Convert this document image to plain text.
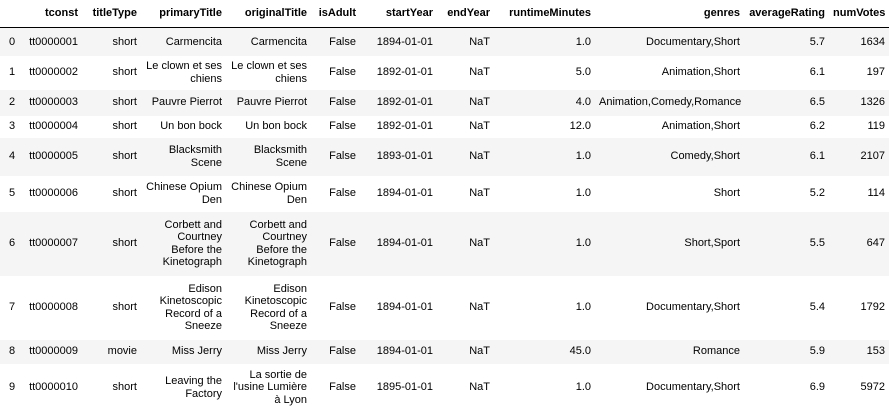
	tconst	titleType	primaryTitle	originalTitle	isAdult	startYear	endYear	runtimeMinutes	genres	averageRating	numVotes
0	tt0000001	short	Carmencita	Carmencita	False	1894-01-01	NaT	1.0	Documentary,Short	5.7	1634
1	tt0000002	short	Le clown et ses chiens	Le clown et ses chiens	False	1892-01-01	NaT	5.0	Animation,Short	6.1	197
2	tt0000003	short	Pauvre Pierrot	Pauvre Pierrot	False	1892-01-01	NaT	4.0	Animation,Comedy,Romance	6.5	1326
3	tt0000004	short	Un bon bock	Un bon bock	False	1892-01-01	NaT	12.0	Animation,Short	6.2	119
4	tt0000005	short	Blacksmith Scene	Blacksmith Scene	False	1893-01-01	NaT	1.0	Comedy,Short	6.1	2107
5	tt0000006	short	Chinese Opium Den	Chinese Opium Den	False	1894-01-01	NaT	1.0	Short	5.2	114
6	tt0000007	short	Corbett and Courtney Before the Kinetograph	Corbett and Courtney Before the Kinetograph	False	1894-01-01	NaT	1.0	Short,Sport	5.5	647
7	tt0000008	short	Edison Kinetoscopic Record of a Sneeze	Edison Kinetoscopic Record of a Sneeze	False	1894-01-01	NaT	1.0	Documentary,Short	5.4	1792
8	tt0000009	movie	Miss Jerry	Miss Jerry	False	1894-01-01	NaT	45.0	Romance	5.9	153
9	tt0000010	short	Leaving the Factory	La sortie de l'usine Lumière à Lyon	False	1895-01-01	NaT	1.0	Documentary,Short	6.9	5972
